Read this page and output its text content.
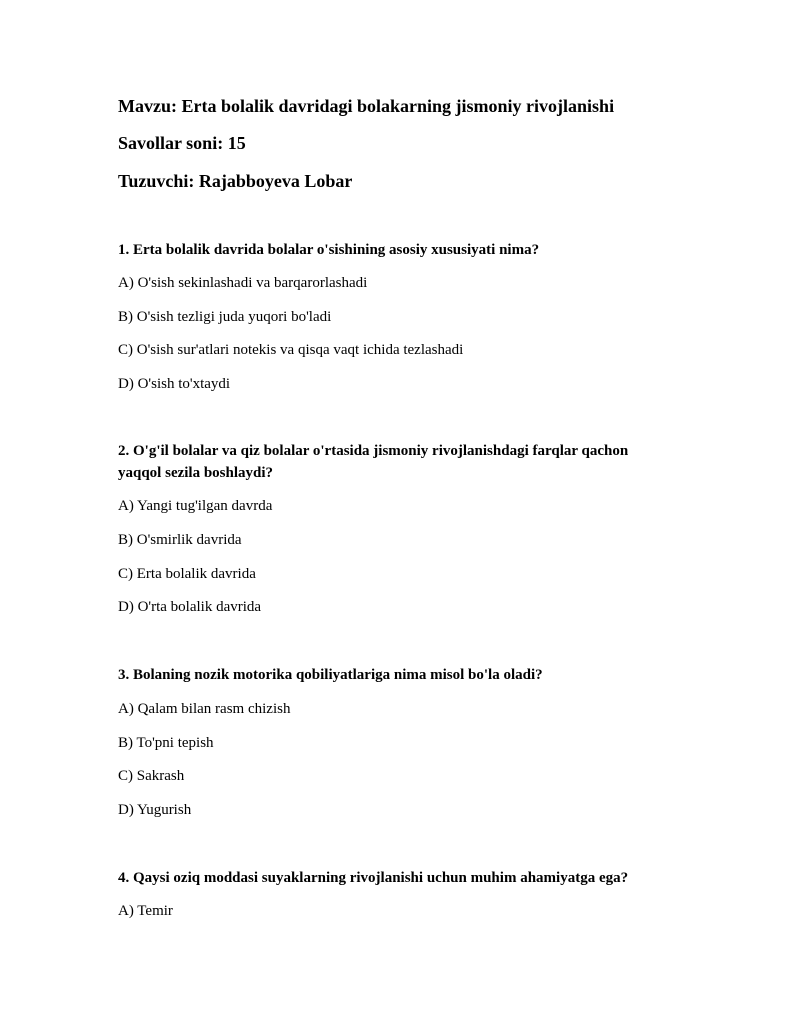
Mavzu: Erta bolalik davridagi bolakarning jismoniy rivojlanishi
Savollar soni: 15
Tuzuvchi: Rajabboyeva Lobar

1. Erta bolalik davrida bolalar o'sishining asosiy xususiyati nima?

A) O'sish sekinlashadi va barqarorlashadi
B) O'sish tezligi juda yuqori bo'ladi
C) O'sish sur'atlari notekis va qisqa vaqt ichida tezlashadi
D) O'sish to'xtaydi

2. O'g'il bolalar va qiz bolalar o'rtasida jismoniy rivojlanishdagi farqlar qachon yaqqol sezila boshlaydi?

A) Yangi tug'ilgan davrda
B) O'smirlik davrida
C) Erta bolalik davrida
D) O'rta bolalik davrida

3. Bolaning nozik motorika qobiliyatlariga nima misol bo'la oladi?

A) Qalam bilan rasm chizish
B) To'pni tepish
C) Sakrash
D) Yugurish

4. Qaysi oziq moddasi suyaklarning rivojlanishi uchun muhim ahamiyatga ega?

A) Temir
